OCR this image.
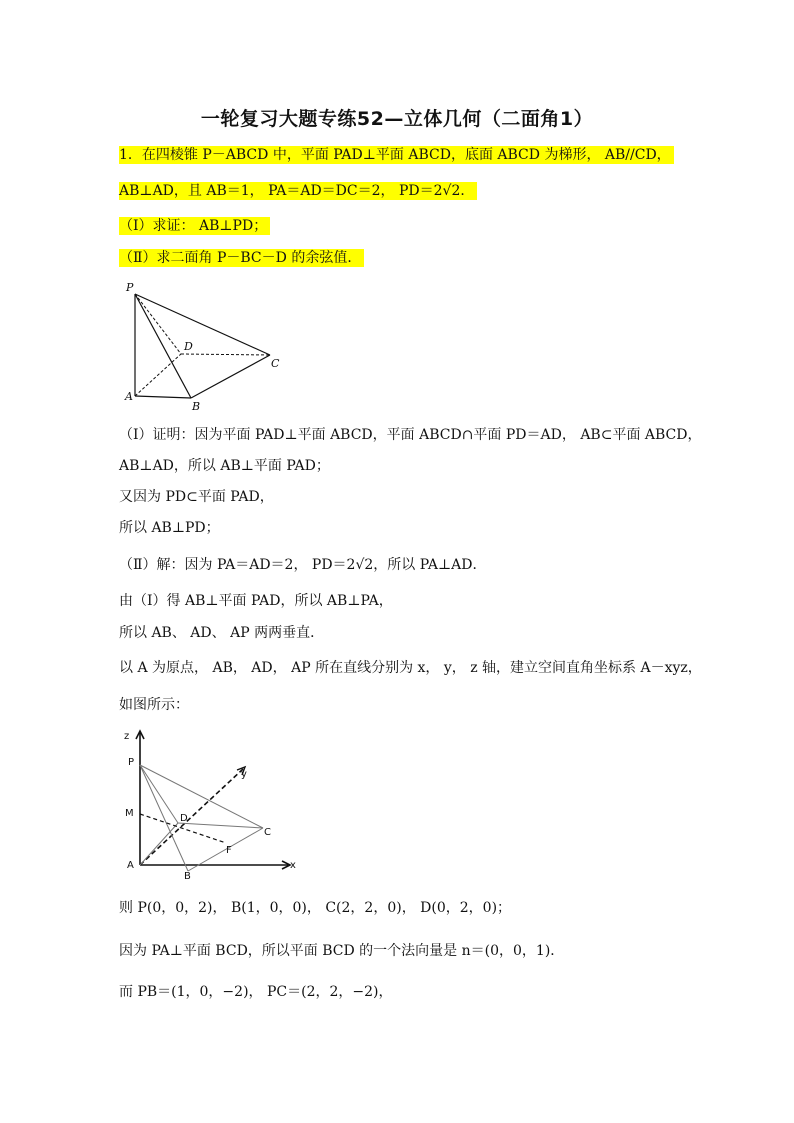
一轮复习大题专练52—立体几何（二面角1）
1．在四棱锥 P－ABCD 中，平面 PAD⊥平面 ABCD，底面 ABCD 为梯形， AB//CD，
AB⊥AD，且 AB＝1， PA＝AD＝DC＝2， PD＝2√2．
（Ⅰ）求证： AB⊥PD；
（Ⅱ）求二面角 P－BC－D 的余弦值．
P
D
C
A
B
（Ⅰ）证明：因为平面 PAD⊥平面 ABCD，平面 ABCD∩平面 PD＝AD， AB⊂平面 ABCD，
AB⊥AD，所以 AB⊥平面 PAD；
又因为 PD⊂平面 PAD，
所以 AB⊥PD；
（Ⅱ）解：因为 PA＝AD＝2， PD＝2√2，所以 PA⊥AD．
由（Ⅰ）得 AB⊥平面 PAD，所以 AB⊥PA，
所以 AB、 AD、 AP 两两垂直．
以 A 为原点， AB， AD， AP 所在直线分别为 x， y， z 轴，建立空间直角坐标系 A－xyz，
如图所示：
z
P
y
M	D
C
F
A
B
x
则 P(0，0，2)， B(1，0，0)， C(2，2，0)， D(0，2，0)；
因为 PA⊥平面 BCD，所以平面 BCD 的一个法向量是 n＝(0，0，1)．
而 PB＝(1，0，−2)， PC＝(2，2，−2)，
